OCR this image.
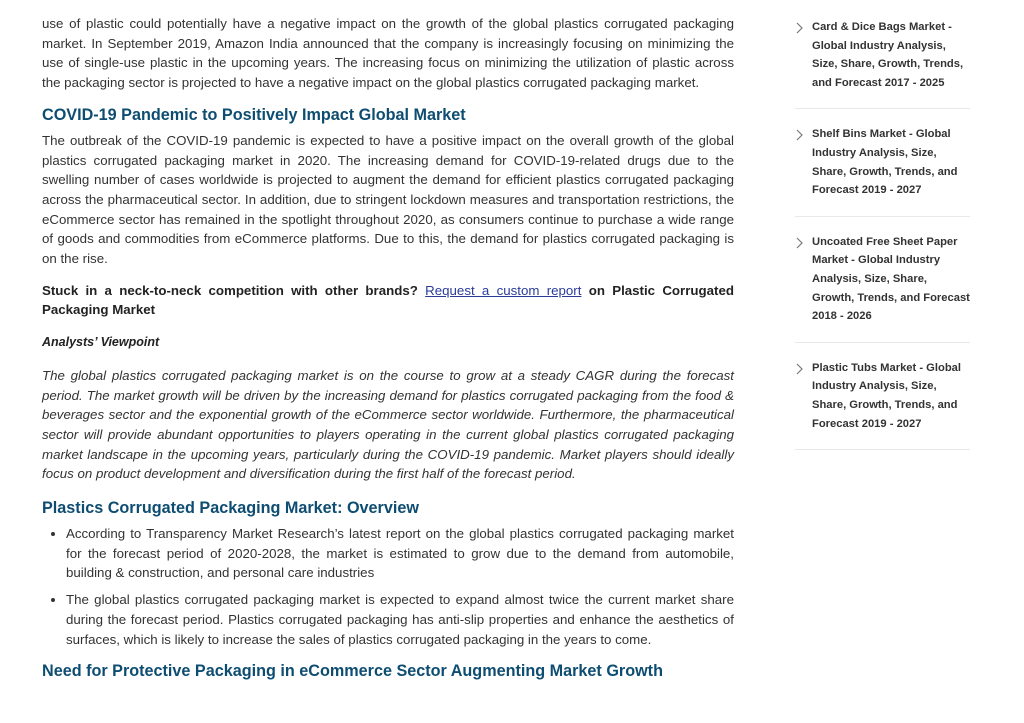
use of plastic could potentially have a negative impact on the growth of the global plastics corrugated packaging market. In September 2019, Amazon India announced that the company is increasingly focusing on minimizing the use of single-use plastic in the upcoming years. The increasing focus on minimizing the utilization of plastic across the packaging sector is projected to have a negative impact on the global plastics corrugated packaging market.

COVID-19 Pandemic to Positively Impact Global Market

The outbreak of the COVID-19 pandemic is expected to have a positive impact on the overall growth of the global plastics corrugated packaging market in 2020. The increasing demand for COVID-19-related drugs due to the swelling number of cases worldwide is projected to augment the demand for efficient plastics corrugated packaging across the pharmaceutical sector. In addition, due to stringent lockdown measures and transportation restrictions, the eCommerce sector has remained in the spotlight throughout 2020, as consumers continue to purchase a wide range of goods and commodities from eCommerce platforms. Due to this, the demand for plastics corrugated packaging is on the rise.

Stuck in a neck-to-neck competition with other brands? Request a custom report on Plastic Corrugated Packaging Market

Analysts’ Viewpoint

The global plastics corrugated packaging market is on the course to grow at a steady CAGR during the forecast period. The market growth will be driven by the increasing demand for plastics corrugated packaging from the food & beverages sector and the exponential growth of the eCommerce sector worldwide. Furthermore, the pharmaceutical sector will provide abundant opportunities to players operating in the current global plastics corrugated packaging market landscape in the upcoming years, particularly during the COVID-19 pandemic. Market players should ideally focus on product development and diversification during the first half of the forecast period.

Plastics Corrugated Packaging Market: Overview
• According to Transparency Market Research’s latest report on the global plastics corrugated packaging market for the forecast period of 2020-2028, the market is estimated to grow due to the demand from automobile, building & construction, and personal care industries
• The global plastics corrugated packaging market is expected to expand almost twice the current market share during the forecast period. Plastics corrugated packaging has anti-slip properties and enhance the aesthetics of surfaces, which is likely to increase the sales of plastics corrugated packaging in the years to come.
Need for Protective Packaging in eCommerce Sector Augmenting Market Growth
Card & Dice Bags Market - Global Industry Analysis, Size, Share, Growth, Trends, and Forecast 2017 - 2025
Shelf Bins Market - Global Industry Analysis, Size, Share, Growth, Trends, and Forecast 2019 - 2027
Uncoated Free Sheet Paper Market - Global Industry Analysis, Size, Share, Growth, Trends, and Forecast 2018 - 2026
Plastic Tubs Market - Global Industry Analysis, Size, Share, Growth, Trends, and Forecast 2019 - 2027
